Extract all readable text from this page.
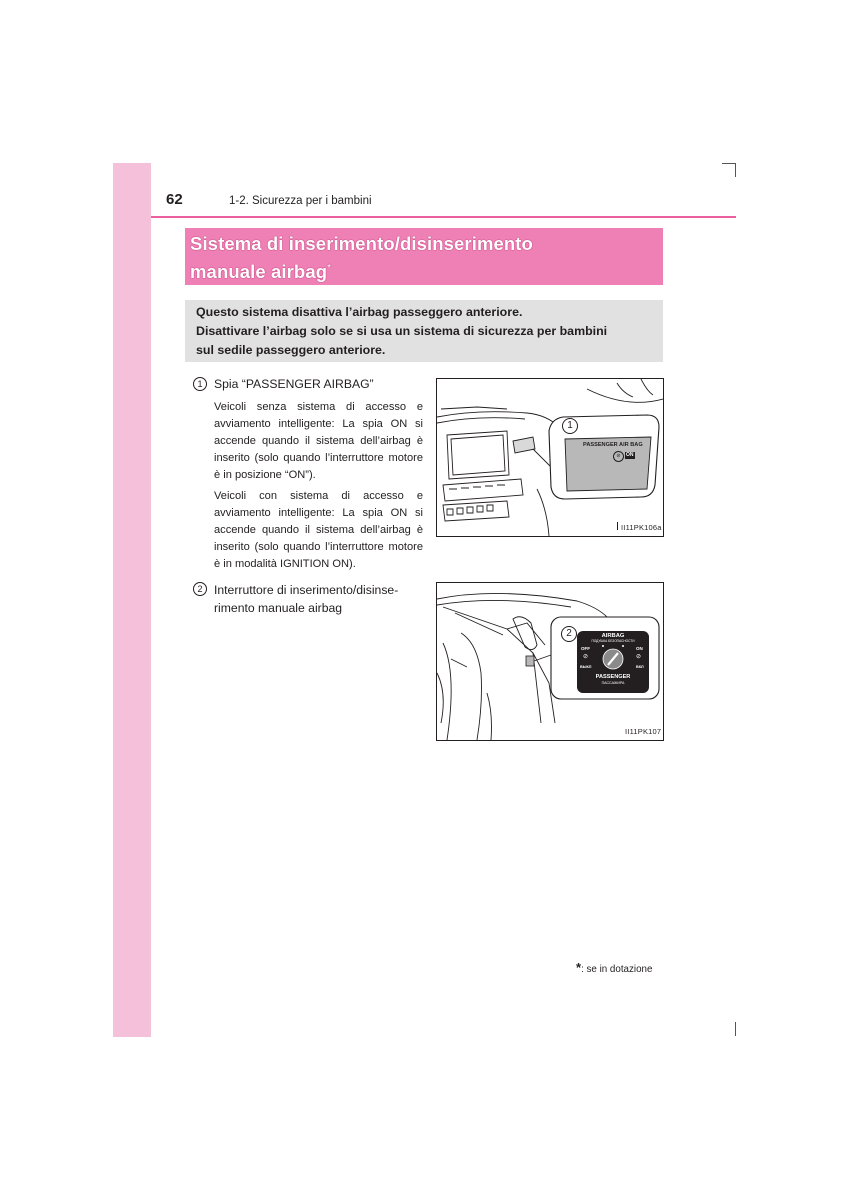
62	1-2. Sicurezza per i bambini
Sistema di inserimento/disinserimento
manuale airbag*

Questo sistema disattiva l’airbag passeggero anteriore.
Disattivare l’airbag solo se si usa un sistema di sicurezza per bambini
sul sedile passeggero anteriore.

1 Spia “PASSENGER AIRBAG”
Veicoli senza sistema di accesso e avviamento intelligente: La spia ON si accende quando il sistema dell’airbag è inserito (solo quando l’interruttore motore è in posizione “ON”).
Veicoli con sistema di accesso e avviamento intelligente: La spia ON si accende quando il sistema dell’airbag è inserito (solo quando l’interruttore motore è in modalità IGNITION ON).
2 Interruttore di inserimento/disinse-
rimento manuale airbag
1
PASSENGER AIR BAG
⊘	ON
II11PK106a
2	AIRBAG
ПОДУШКА БЕЗОПАСНОСТИ
OFF	ON
⊘	⊘
ВЫКЛ	ВКЛ
PASSENGER
ПАССАЖИРА
II11PK107
*: se in dotazione
